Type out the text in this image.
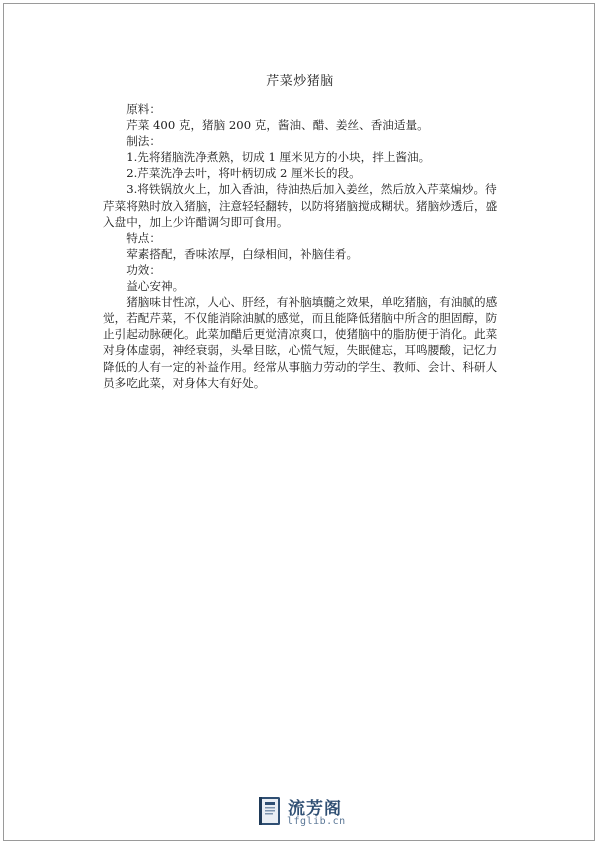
芹菜炒猪脑

原料：

芹菜 400 克，猪脑 200 克，酱油、醋、姜丝、香油适量。

制法：

1.先将猪脑洗净煮熟，切成 1 厘米见方的小块，拌上酱油。

2.芹菜洗净去叶，将叶柄切成 2 厘米长的段。

3.将铁锅放火上，加入香油，待油热后加入姜丝，然后放入芹菜煸炒。待芹菜将熟时放入猪脑，注意轻轻翻转，以防将猪脑搅成糊状。猪脑炒透后，盛入盘中，加上少许醋调匀即可食用。

特点：

荤素搭配，香味浓厚，白绿相间，补脑佳肴。

功效：

益心安神。

猪脑味甘性凉，人心、肝经，有补脑填髓之效果，单吃猪脑，有油腻的感觉，若配芹菜，不仅能消除油腻的感觉，而且能降低猪脑中所含的胆固醇，防止引起动脉硬化。此菜加醋后更觉清凉爽口，使猪脑中的脂肪便于消化。此菜对身体虚弱，神经衰弱，头晕目眩，心慌气短，失眠健忘，耳鸣腰酸，记忆力降低的人有一定的补益作用。经常从事脑力劳动的学生、教师、会计、科研人员多吃此菜，对身体大有好处。

流芳阁
lfglib.cn
